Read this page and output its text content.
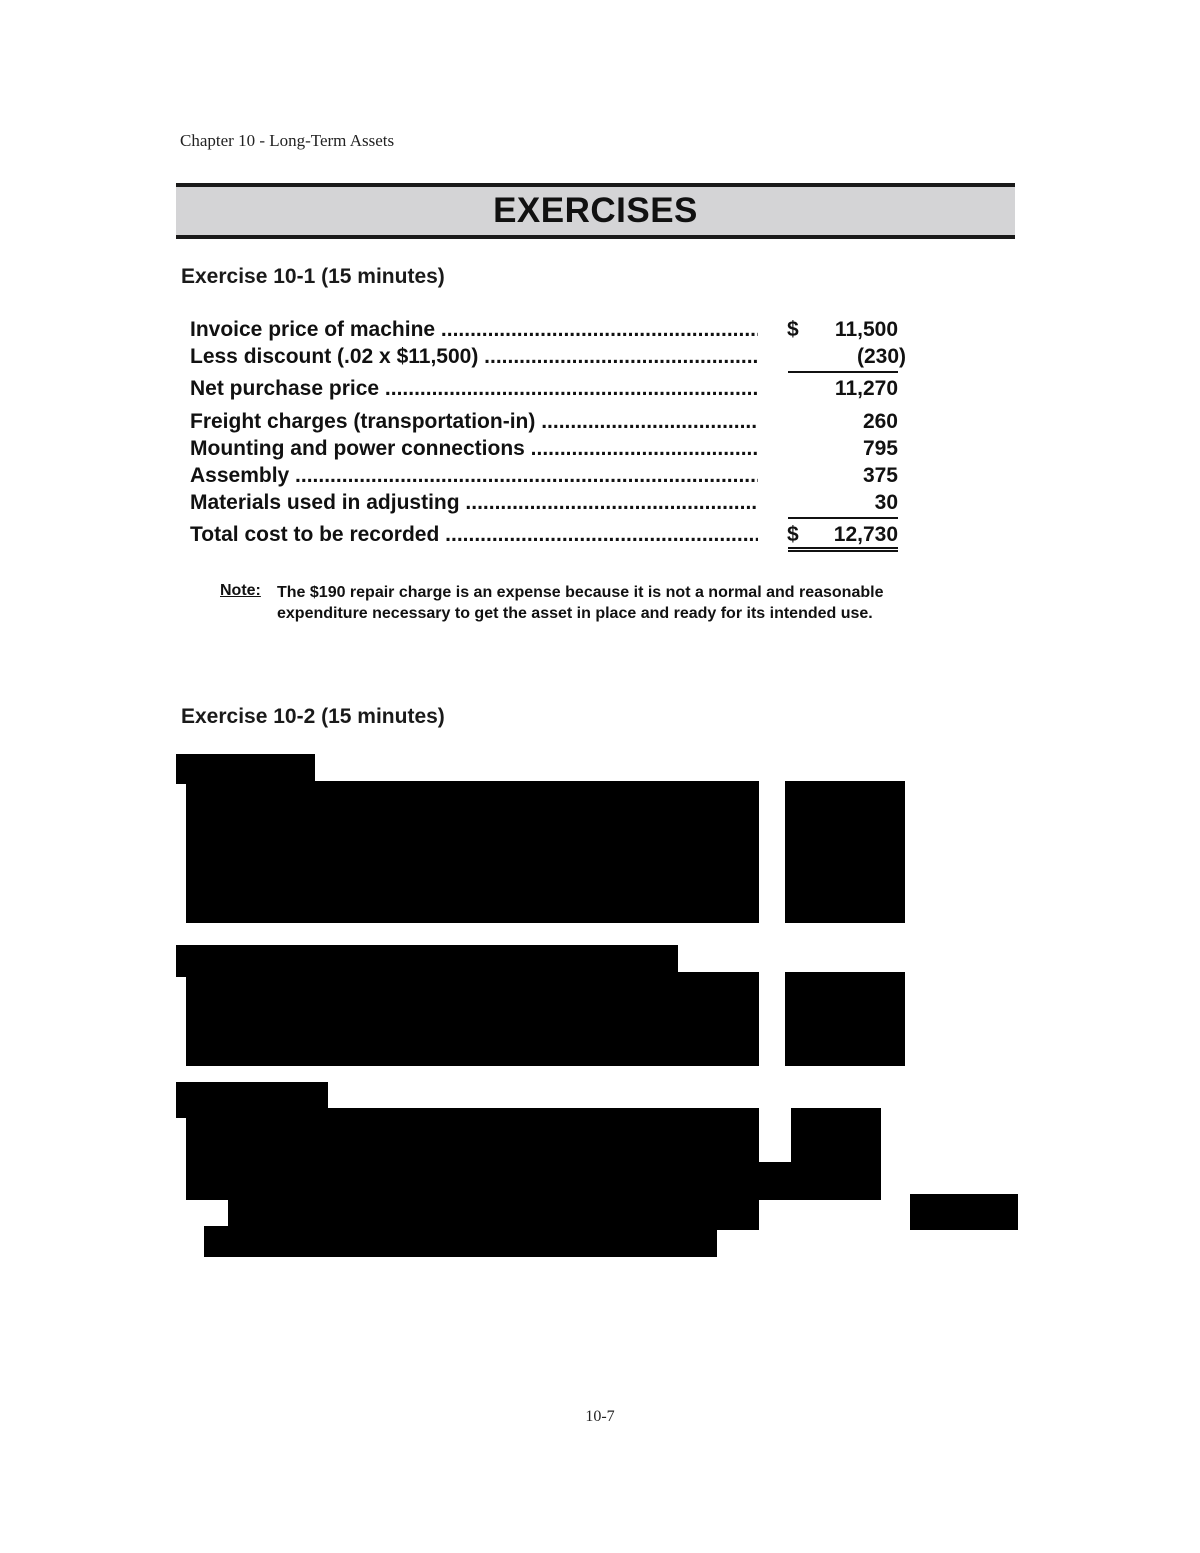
Chapter 10 - Long-Term Assets
EXERCISES
Exercise 10-1 (15 minutes)
Invoice price of machine .....	$ 11,500
Less discount (.02 x $11,500) .....	(230)
Net purchase price .....	11,270
Freight charges (transportation-in) .....	260
Mounting and power connections .....	795
Assembly .....	375
Materials used in adjusting .....	30
Total cost to be recorded .....	$ 12,730
Note: The $190 repair charge is an expense because it is not a normal and reasonable expenditure necessary to get the asset in place and ready for its intended use.
Exercise 10-2 (15 minutes)
10-7
